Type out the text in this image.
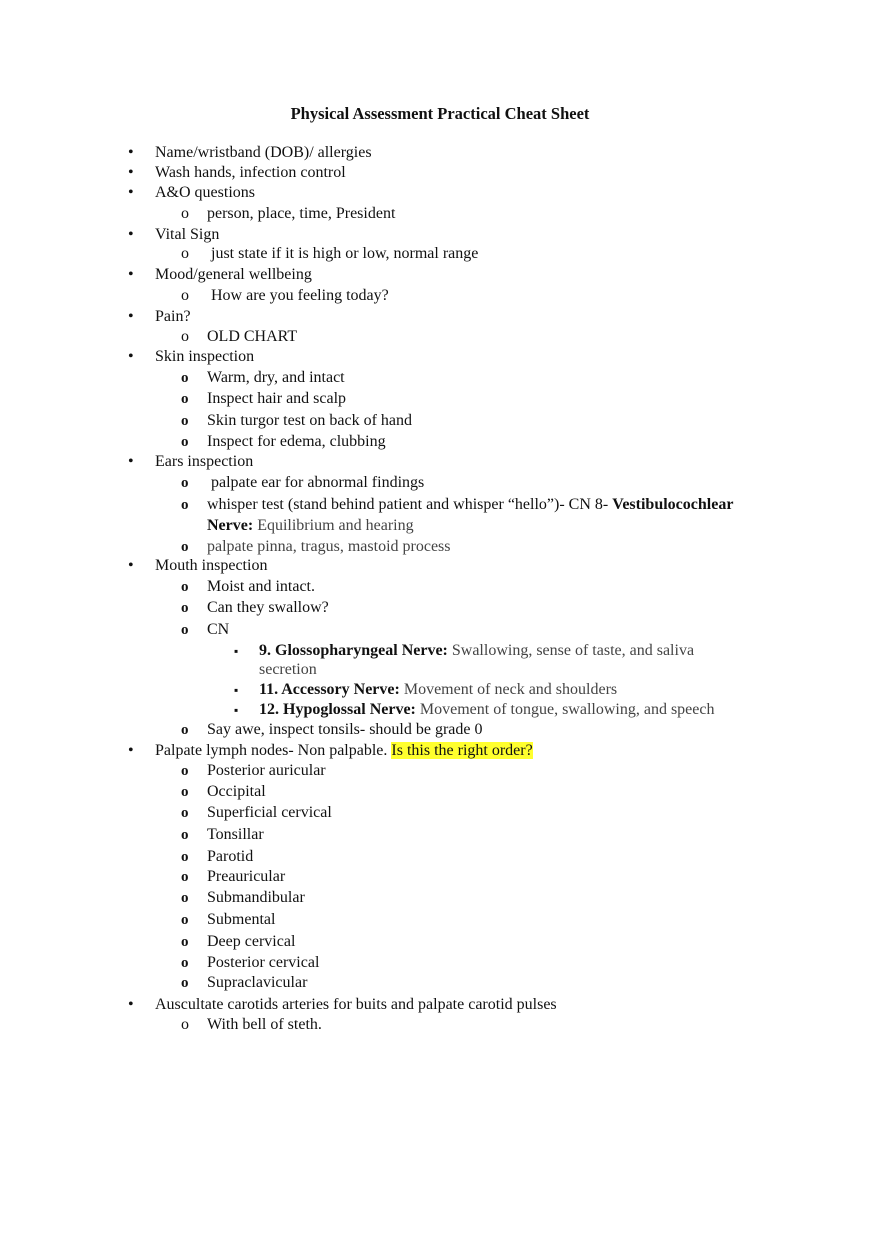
Physical Assessment Practical Cheat Sheet
• Name/wristband (DOB)/ allergies
• Wash hands, infection control
• A&O questions
o person, place, time, President
• Vital Sign
o just state if it is high or low, normal range
• Mood/general wellbeing
o How are you feeling today?
• Pain?
o OLD CHART
• Skin inspection
o Warm, dry, and intact
o Inspect hair and scalp
o Skin turgor test on back of hand
o Inspect for edema, clubbing
• Ears inspection
o palpate ear for abnormal findings
o whisper test (stand behind patient and whisper “hello”)- CN 8- Vestibulocochlear
Nerve: Equilibrium and hearing
o palpate pinna, tragus, mastoid process
• Mouth inspection
o Moist and intact.
o Can they swallow?
o CN
▪ 9. Glossopharyngeal Nerve: Swallowing, sense of taste, and saliva
secretion
▪ 11. Accessory Nerve: Movement of neck and shoulders
▪ 12. Hypoglossal Nerve: Movement of tongue, swallowing, and speech
o Say awe, inspect tonsils- should be grade 0
• Palpate lymph nodes- Non palpable. Is this the right order?
o Posterior auricular
o Occipital
o Superficial cervical
o Tonsillar
o Parotid
o Preauricular
o Submandibular
o Submental
o Deep cervical
o Posterior cervical
o Supraclavicular
• Auscultate carotids arteries for buits and palpate carotid pulses
o With bell of steth.
